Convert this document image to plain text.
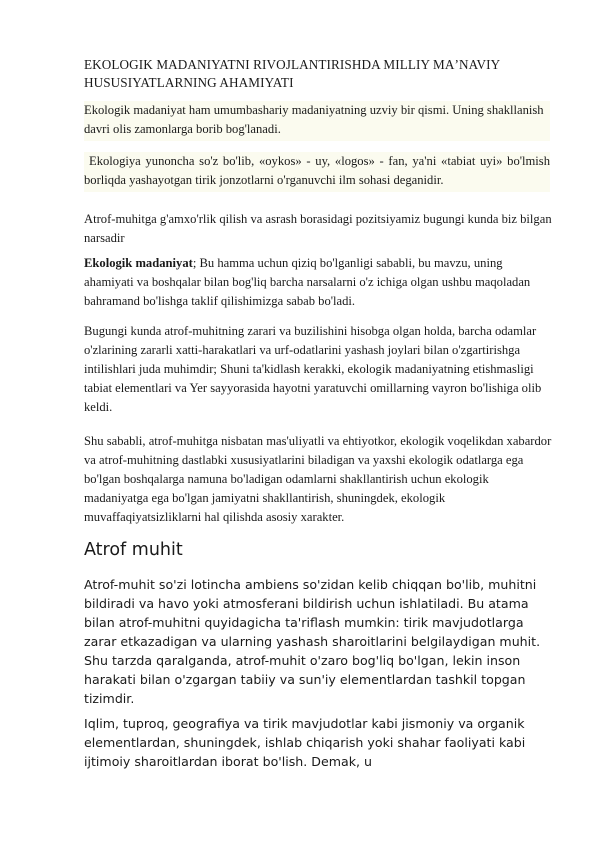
EKOLOGIK MADANIYATNI RIVOJLANTIRISHDA MILLIY MAʼNAVIY
HUSUSIYATLARNING AHAMIYATI

Ekologik madaniyat ham umumbashariy madaniyatning uzviy bir qismi. Uning shakllanish davri olis zamonlarga borib bog'lanadi.

Ekologiya yunoncha so'z bo'lib, «oykos» - uy, «logos» - fan, ya'ni «tabiat uyi» bo'lmish borliqda yashayotgan tirik jonzotlarni o'rganuvchi ilm sohasi deganidir.

Atrof-muhitga g'amxo'rlik qilish va asrash borasidagi pozitsiyamiz bugungi kunda biz bilgan narsadir

Ekologik madaniyat; Bu hamma uchun qiziq bo'lganligi sababli, bu mavzu, uning ahamiyati va boshqalar bilan bog'liq barcha narsalarni o'z ichiga olgan ushbu maqoladan bahramand bo'lishga taklif qilishimizga sabab bo'ladi.

Bugungi kunda atrof-muhitning zarari va buzilishini hisobga olgan holda, barcha odamlar o'zlarining zararli xatti-harakatlari va urf-odatlarini yashash joylari bilan o'zgartirishga intilishlari juda muhimdir; Shuni ta'kidlash kerakki, ekologik madaniyatning etishmasligi tabiat elementlari va Yer sayyorasida hayotni yaratuvchi omillarning vayron bo'lishiga olib keldi.

Shu sababli, atrof-muhitga nisbatan mas'uliyatli va ehtiyotkor, ekologik voqelikdan xabardor va atrof-muhitning dastlabki xususiyatlarini biladigan va yaxshi ekologik odatlarga ega bo'lgan boshqalarga namuna bo'ladigan odamlarni shakllantirish uchun ekologik madaniyatga ega bo'lgan jamiyatni shakllantirish, shuningdek, ekologik muvaffaqiyatsizliklarni hal qilishda asosiy xarakter.

Atrof muhit

Atrof-muhit so'zi lotincha ambiens so'zidan kelib chiqqan bo'lib, muhitni bildiradi va havo yoki atmosferani bildirish uchun ishlatiladi. Bu atama bilan atrof-muhitni quyidagicha ta'riflash mumkin: tirik mavjudotlarga zarar etkazadigan va ularning yashash sharoitlarini belgilaydigan muhit. Shu tarzda qaralganda, atrof-muhit o'zaro bog'liq bo'lgan, lekin inson harakati bilan o'zgargan tabiiy va sun'iy elementlardan tashkil topgan tizimdir.

Iqlim, tuproq, geografiya va tirik mavjudotlar kabi jismoniy va organik elementlardan, shuningdek, ishlab chiqarish yoki shahar faoliyati kabi ijtimoiy sharoitlardan iborat bo'lish. Demak, u
